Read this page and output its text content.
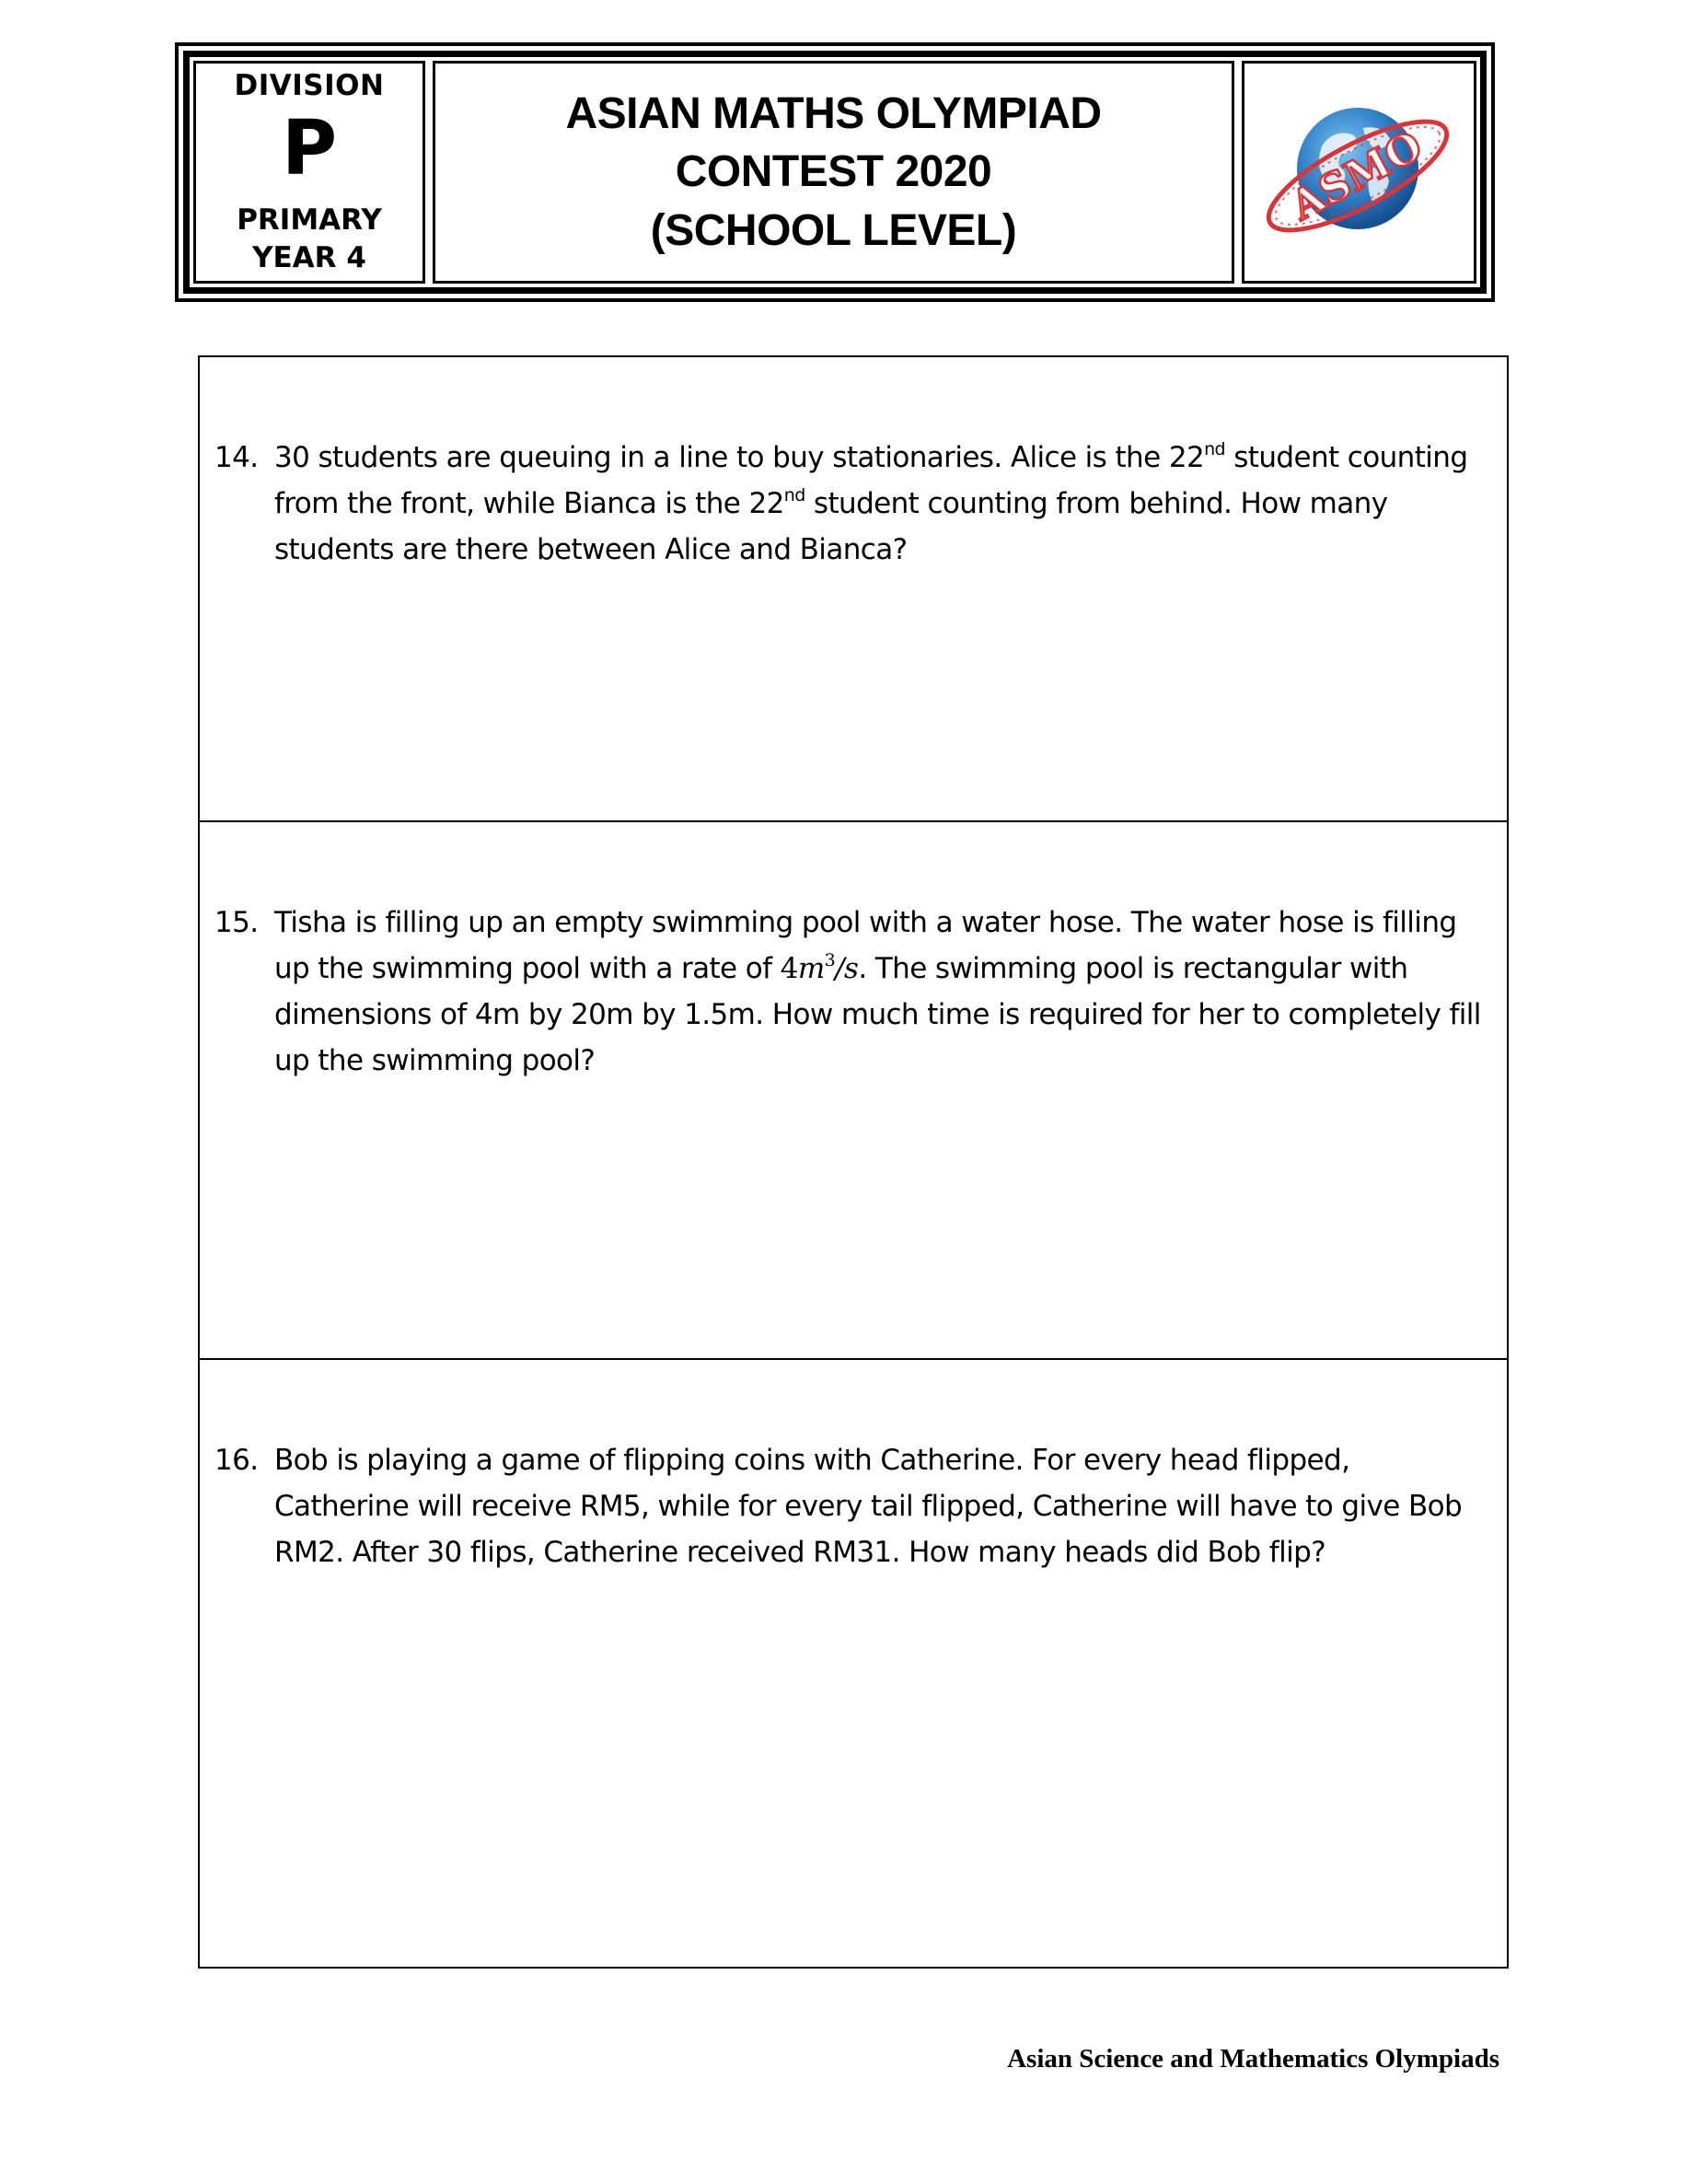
DIVISION
P
PRIMARY
YEAR 4
ASIAN MATHS OLYMPIAD
CONTEST 2020
(SCHOOL LEVEL)
ASMO
14. 30 students are queuing in a line to buy stationaries. Alice is the 22nd student counting from the front, while Bianca is the 22nd student counting from behind. How many students are there between Alice and Bianca?
15. Tisha is filling up an empty swimming pool with a water hose. The water hose is filling up the swimming pool with a rate of $4m^3/s$. The swimming pool is rectangular with dimensions of 4m by 20m by 1.5m. How much time is required for her to completely fill up the swimming pool?
16. Bob is playing a game of flipping coins with Catherine. For every head flipped, Catherine will receive RM5, while for every tail flipped, Catherine will have to give Bob RM2. After 30 flips, Catherine received RM31. How many heads did Bob flip?
Asian Science and Mathematics Olympiads
